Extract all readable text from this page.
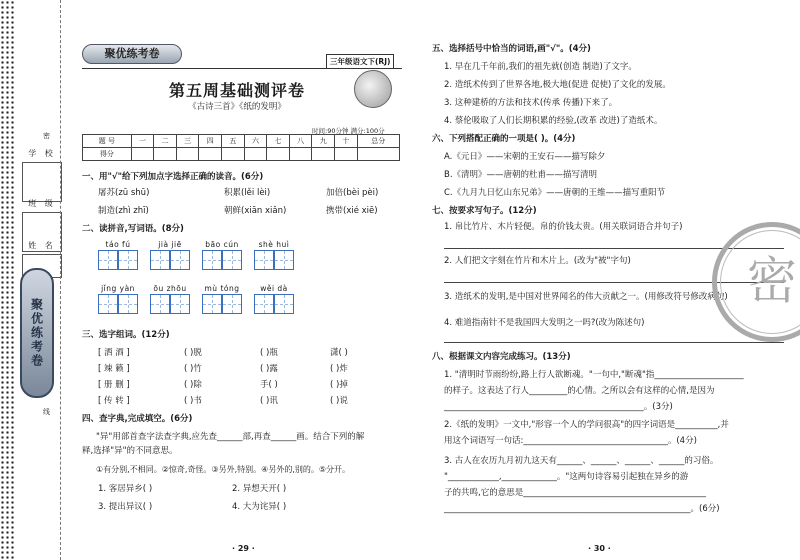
学 校
班 级
姓 名
密
线
聚优练考卷
聚优练考卷
三年级语文下(RJ)
第五周基础测评卷
《古诗三首》《纸的发明》
时间:90分钟 满分:100分
题 号	一	二	三	四	五	六	七	八	九	十	总分
得分											
一、用"√"给下列加点字选择正确的读音。(6分)
屠苏(zū shū)	积累(lěi lèi)	加倍(bèi pèi)
制造(zhì zhī)	朝鲜(xiān xiǎn)	携带(xié xiē)
二、读拼音,写词语。(8分)
táo fú	jià jiē	bāo cún	shè huì
jǐng yàn	ōu zhōu	mù tóng	wěi dà
三、选字组词。(12分)
[ 洒 酒 ]	( )脱	( )瓶	潇( )
[ 竦 籁 ]	( )竹	( )露	( )炸
[ 册 删 ]	( )除	手( )	( )掉
[ 传 转 ]	( )书	( )讯	( )说
四、查字典,完成填空。(6分)
"异"用部首查字法查字典,应先查______部,再查______画。结合下列的解
释,选择"异"的不同意思。
①有分别,不相同。②惊奇,奇怪。③另外,特别。④另外的,别的。⑤分开。
1. 客居异乡( )	2. 异想天开( )
3. 提出异议( )	4. 大为诧异( )
· 29 ·
五、选择括号中恰当的词语,画"√"。(4分)
1. 早在几千年前,我们的祖先就(创造 制造)了文字。
2. 造纸术传到了世界各地,极大地(促进 促使)了文化的发展。
3. 这种建桥的方法和技术(传承 传播)下来了。
4. 蔡伦吸取了人们长期积累的经验,(改革 改进)了造纸术。
六、下列搭配正确的一项是( )。(4分)
A.《元日》——宋朝的王安石——描写除夕
B.《清明》——唐朝的杜甫——描写清明
C.《九月九日忆山东兄弟》——唐朝的王维——描写重阳节
七、按要求写句子。(12分)
1. 帛比竹片、木片轻便。帛的价钱太贵。(用关联词语合并句子)
2. 人们把文字刻在竹片和木片上。(改为"被"字句)
3. 造纸术的发明,是中国对世界闻名的伟大贡献之一。(用修改符号修改病句)
4. 难道指南针不是我国四大发明之一吗?(改为陈述句)
八、根据课文内容完成练习。(13分)
1. "清明时节雨纷纷,路上行人欲断魂。"一句中,"断魂"指_____________________
的样子。这表达了行人_________的心情。之所以会有这样的心情,是因为
_______________________________________________。(3分)
2.《纸的发明》一文中,"形容一个人的学问很高"的四字词语是__________,并
用这个词语写一句话:__________________________________。(4分)
3. 古人在农历九月初九这天有______、______、______、______的习俗。
"____________,_____________。"这两句诗容易引起独在异乡的游
子的共鸣,它的意思是___________________________________________
__________________________________________________________。(6分)
· 30 ·
密
